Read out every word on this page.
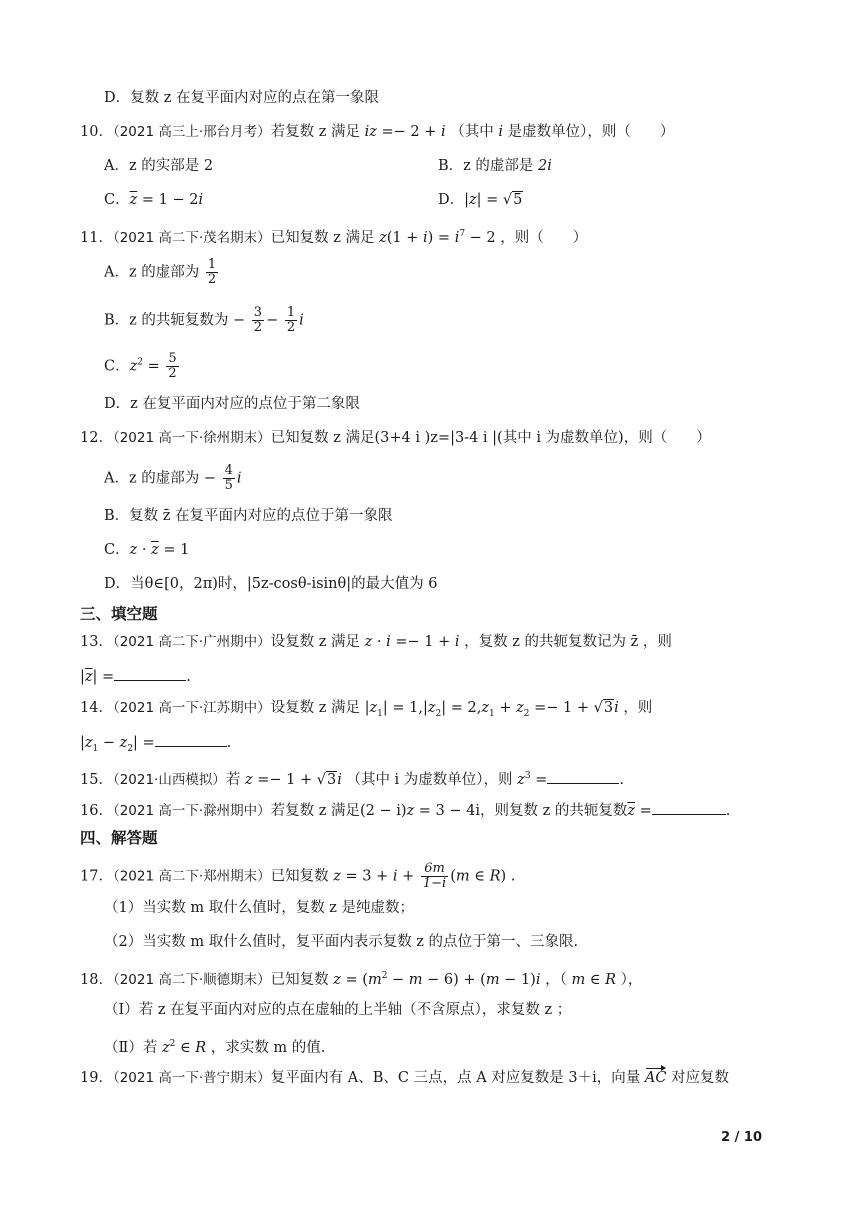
D．复数 z 在复平面内对应的点在第一象限
10．（2021 高三上·邢台月考）若复数 z 满足 iz =− 2 + i （其中 i 是虚数单位），则（　　）
A．z 的实部是 2	B．z 的虚部是 2i
C．$\overline{z} = 1 - 2i$	D．|z| = √5
11．（2021 高二下·茂名期末）已知复数 z 满足 $z(1 + i) = i^7 - 2$ ，则（　　）
A．z 的虚部为 $\frac{1}{2}$
B．z 的共轭复数为 − $\frac{3}{2} - \frac{1}{2}$ i
C．$z^2 = \frac{5}{2}$
D．z 在复平面内对应的点位于第二象限
12．（2021 高一下·徐州期末）已知复数 z 满足(3+4 i )z=|3-4 i |(其中 i 为虚数单位)，则（　　）
A．z 的虚部为 − $\frac{4}{5}$ i
B．复数 z̄ 在复平面内对应的点位于第一象限
C．$z \cdot \overline{z} = 1$
D．当θ∈[0，2π)时，|5z-cosθ-isinθ|的最大值为 6
三、填空题
13．（2021 高二下·广州期中）设复数 z 满足 z · i =− 1 + i ，复数 z 的共轭复数记为 z̄ ，则
$|\overline{z}|$ =	.
14．（2021 高一下·江苏期中）设复数 z 满足 $|z_1| = 1,|z_2| = 2,z_1 + z_2 =- 1 + √3i$ ，则
$|z_1 - z_2|$ =	.
15．（2021·山西模拟）若 z =− 1 + √3i （其中 i 为虚数单位），则 $z^3$ =	.
16．（2021 高一下·滁州期中）若复数 z 满足(2 − i)z = 3 − 4i，则复数 z 的共轭复数$\overline{z}$ =	.
四、解答题
17．（2021 高二下·郑州期末）已知复数 $z = 3 + i + \frac{6m}{1-i} (m$ ∈ R) .
（1）当实数 m 取什么值时，复数 z 是纯虚数；
（2）当实数 m 取什么值时，复平面内表示复数 z 的点位于第一、三象限.
18．（2021 高二下·顺德期末）已知复数 $z = (m^2 - m - 6) + (m - 1)i$ ，（ m ∈ R ），
（Ⅰ）若 z 在复平面内对应的点在虚轴的上半轴（不含原点），求复数 z ；
（Ⅱ）若 $z^2$ ∈ R ，求实数 m 的值.
19．（2021 高一下·普宁期末）复平面内有 A、B、C 三点，点 A 对应复数是 3＋i，向量 AC 对应复数
2 / 10
